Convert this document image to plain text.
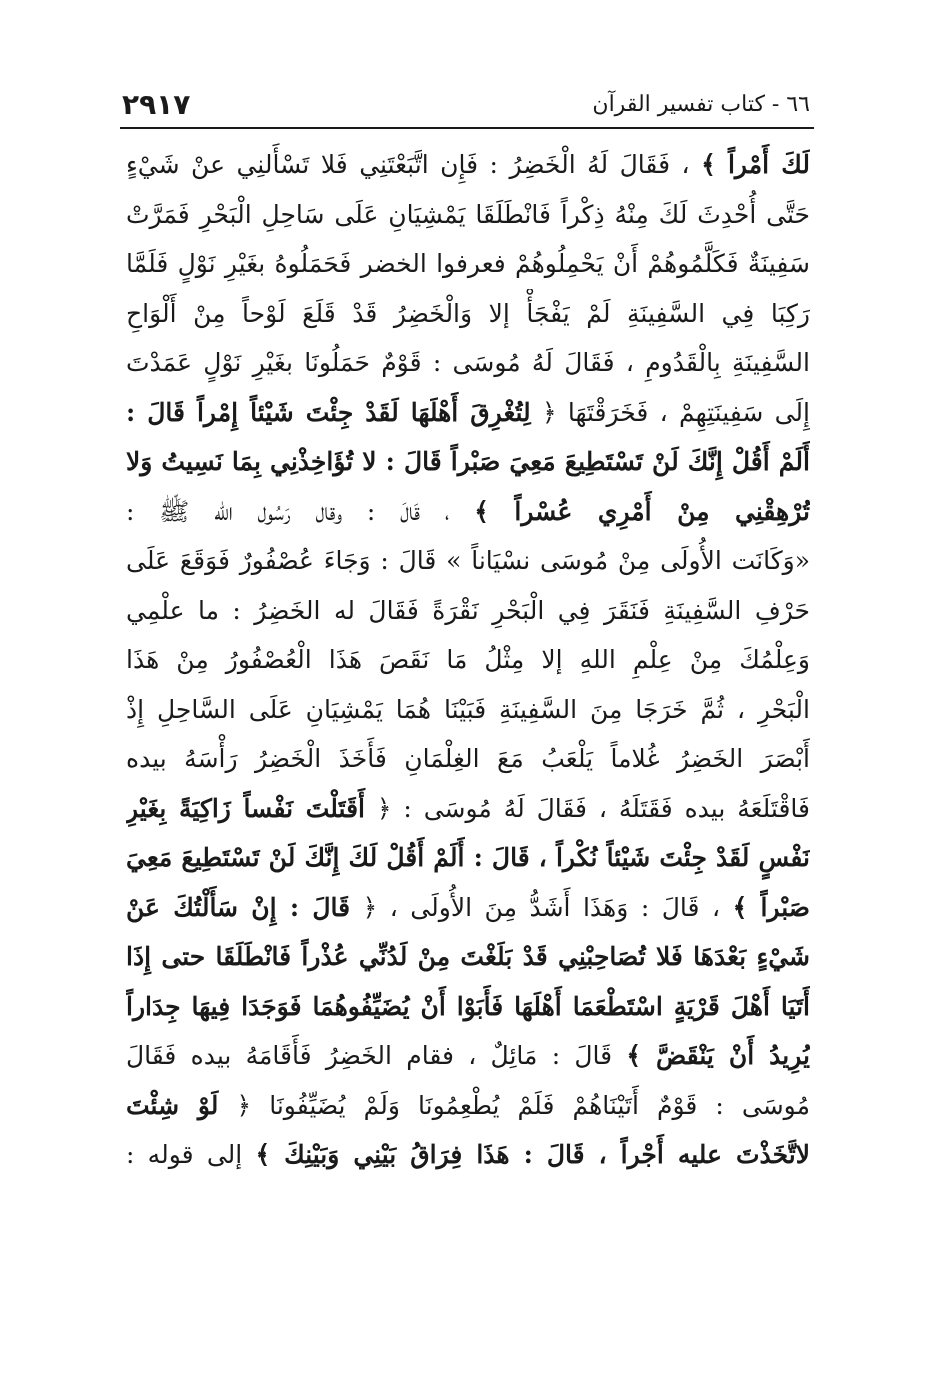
٦٦ - كتاب تفسير القرآن
٢٩١٧
لَكَ أَمْراً ﴾ ، فَقَالَ لَهُ الْخَضِرُ : فَإِن اتَّبَعْتَنِي فَلا تَسْأَلنِي عنْ شَيْءٍ
حَتَّى أُحْدِثَ لَكَ مِنْهُ ذِكْراً فَانْطَلَقَا يَمْشِيَانِ عَلَى سَاحِلِ الْبَحْرِ فَمَرَّتْ
سَفِينَةٌ فَكَلَّمُوهُمْ أَنْ يَحْمِلُوهُمْ فعرفوا الخضر فَحَمَلُوهُ بغَيْرِ نَوْلٍ فَلَمَّا
رَكِبَا فِي السَّفِينَةِ لَمْ يَفْجَأْ إلا وَالْخَضِرُ قَدْ قَلَعَ لَوْحاً مِنْ أَلْوَاحِ
السَّفِينَةِ بِالْقَدُومِ ، فَقَالَ لَهُ مُوسَى : قَوْمٌ حَمَلُونَا بغَيْرِ نَوْلٍ عَمَدْتَ
إِلَى سَفِينَتِهِمْ ، فَخَرَقْتَهَا ﴿ لِتُغْرِقَ أَهْلَهَا لَقَدْ جِئْتَ شَيْئاً إِمْراً قَالَ :
أَلَمْ أَقُلْ إِنَّكَ لَنْ تَسْتَطِيعَ مَعِيَ صَبْراً قَالَ : لا تُؤَاخِذْنِي بِمَا نَسِيتُ وَلا
تُرْهِقْنِي مِنْ أَمْرِي عُسْراً ﴾ ، قَالَ : وقال رَسُول الله ﷺ :
«وَكَانَت الأُولَى مِنْ مُوسَى نسْيَاناً » قَالَ : وَجَاءَ عُصْفُورٌ فَوَقَعَ عَلَى
حَرْفِ السَّفِينَةِ فَنَقَرَ فِي الْبَحْرِ نَقْرَةً فَقَالَ له الخَضِرُ : ما علْمِي
وَعِلْمُكَ مِنْ عِلْمِ اللهِ إلا مِثْلُ مَا نَقَصَ هَذَا الْعُصْفُورُ مِنْ هَذَا
الْبَحْرِ ، ثُمَّ خَرَجَا مِنَ السَّفِينَةِ فَبَيْنَا هُمَا يَمْشِيَانِ عَلَى السَّاحِلِ إِذْ
أَبْصَرَ الخَضِرُ غُلاماً يَلْعَبُ مَعَ الغِلْمَانِ فَأَخَذَ الْخَضِرُ رَأْسَهُ بيده
فَاقْتَلَعَهُ بيده فَقَتَلَهُ ، فَقَالَ لَهُ مُوسَى : ﴿ أَقَتَلْتَ نَفْساً زَاكِيَةً بِغَيْرِ
نَفْسٍ لَقَدْ جِئْتَ شَيْئاً نُكْراً ، قَالَ : أَلَمْ أَقُلْ لَكَ إِنَّكَ لَنْ تَسْتَطِيعَ مَعِيَ
صَبْراً ﴾ ، قَالَ : وَهَذَا أَشَدُّ مِنَ الأُولَى ، ﴿ قَالَ : إِنْ سَأَلْتُكَ عَنْ
شَيْءٍ بَعْدَهَا فَلا تُصَاحِبْنِي قَدْ بَلَغْتَ مِنْ لَدُنِّي عُذْراً فَانْطَلَقَا حتى إِذَا
أَتَيَا أَهْلَ قَرْيَةٍ اسْتَطْعَمَا أَهْلَهَا فَأَبَوْا أَنْ يُضَيِّفُوهُمَا فَوَجَدَا فِيهَا جِدَاراً
يُرِيدُ أَنْ يَنْقَضَّ ﴾ قَالَ : مَائِلٌ ، فقام الخَضِرُ فَأَقَامَهُ بيده فَقَالَ
مُوسَى : قَوْمٌ أَتَيْنَاهُمْ فَلَمْ يُطْعِمُونَا وَلَمْ يُضَيِّفُونَا ﴿ لَوْ شِئْتَ
لاتَّخَذْتَ عليه أَجْراً ، قَالَ : هَذَا فِرَاقُ بَيْنِي وَبَيْنِكَ ﴾ إلى قوله :
